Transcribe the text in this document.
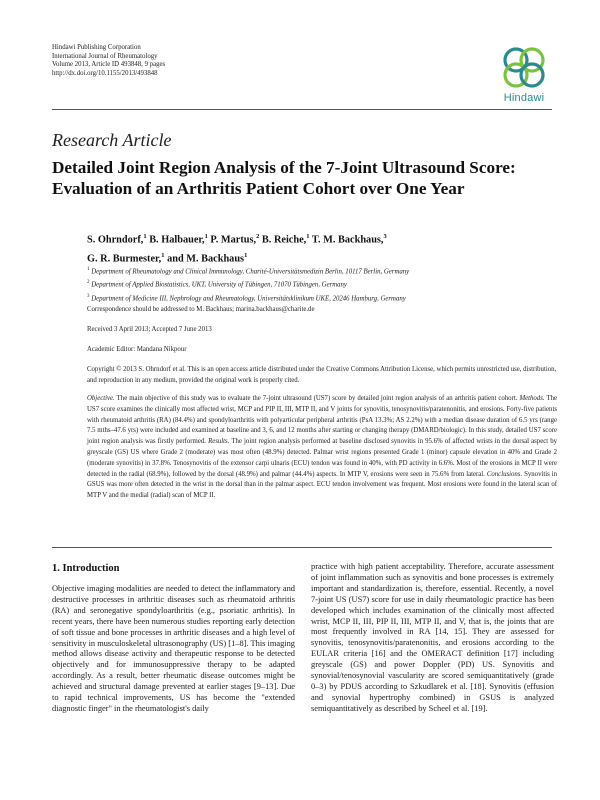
Hindawi Publishing Corporation
International Journal of Rheumatology
Volume 2013, Article ID 493848, 9 pages
http://dx.doi.org/10.1155/2013/493848
Hindawi
Research Article
Detailed Joint Region Analysis of the 7-Joint Ultrasound Score:
Evaluation of an Arthritis Patient Cohort over One Year
S. Ohrndorf,$^1$ B. Halbauer,$^1$ P. Martus,$^2$ B. Reiche,$^1$ T. M. Backhaus,$^3$
G. R. Burmester,$^1$ and M. Backhaus$^1$
$^1$ Department of Rheumatology and Clinical Immunology, Charité-Universitätsmedizin Berlin, 10117 Berlin, Germany
$^2$ Department of Applied Biostatistics, UKT, University of Tübingen, 71070 Tübingen, Germany
$^3$ Department of Medicine III, Nephrology and Rheumatology, Universitätsklinikum UKE, 20246 Hamburg, Germany
Correspondence should be addressed to M. Backhaus; marina.backhaus@charite.de
Received 3 April 2013; Accepted 7 June 2013
Academic Editor: Mandana Nikpour
Copyright © 2013 S. Ohrndorf et al. This is an open access article distributed under the Creative Commons Attribution License, which permits unrestricted use, distribution, and reproduction in any medium, provided the original work is properly cited.
Objective. The main objective of this study was to evaluate the 7-joint ultrasound (US7) score by detailed joint region analysis of an arthritis patient cohort. Methods. The US7 score examines the clinically most affected wrist, MCP and PIP II, III, MTP II, and V joints for synovitis, tenosynovitis/paratenonitis, and erosions. Forty-five patients with rheumatoid arthritis (RA) (84.4%) and spondyloarthritis with polyarticular peripheral arthritis (PsA 13.3%; AS 2.2%) with a median disease duration of 6.5 yrs (range 7.5 mths–47.6 yrs) were included and examined at baseline and 3, 6, and 12 months after starting or changing therapy (DMARD/biologic). In this study, detailed US7 score joint region analysis was firstly performed. Results. The joint region analysis performed at baseline disclosed synovitis in 95.6% of affected wrists in the dorsal aspect by greyscale (GS) US where Grade 2 (moderate) was most often (48.9%) detected. Palmar wrist regions presented Grade 1 (minor) capsule elevation in 40% and Grade 2 (moderate synovitis) in 37.8%. Tenosynovitis of the extensor carpi ulnaris (ECU) tendon was found in 40%, with PD activity in 6.6%. Most of the erosions in MCP II were detected in the radial (68.9%), followed by the dorsal (48.9%) and palmar (44.4%) aspects. In MTP V, erosions were seen in 75.6% from lateral. Conclusions. Synovitis in GSUS was more often detected in the wrist in the dorsal than in the palmar aspect. ECU tendon involvement was frequent. Most erosions were found in the lateral scan of MTP V and the medial (radial) scan of MCP II.
1. Introduction
Objective imaging modalities are needed to detect the inflammatory and destructive processes in arthritic diseases such as rheumatoid arthritis (RA) and seronegative spondyloarthritis (e.g., psoriatic arthritis). In recent years, there have been numerous studies reporting early detection of soft tissue and bone processes in arthritic diseases and a high level of sensitivity in musculoskeletal ultrasonography (US) [1–8]. This imaging method allows disease activity and therapeutic response to be detected objectively and for immunosuppressive therapy to be adapted accordingly. As a result, better rheumatic disease outcomes might be achieved and structural damage prevented at earlier stages [9–13]. Due to rapid technical improvements, US has become the "extended diagnostic finger" in the rheumatologist's daily
practice with high patient acceptability. Therefore, accurate assessment of joint inflammation such as synovitis and bone processes is extremely important and standardization is, therefore, essential. Recently, a novel 7-joint US (US7) score for use in daily rheumatologic practice has been developed which includes examination of the clinically most affected wrist, MCP II, III, PIP II, III, MTP II, and V, that is, the joints that are most frequently involved in RA [14, 15]. They are assessed for synovitis, tenosynovitis/paratenonitis, and erosions according to the EULAR criteria [16] and the OMERACT definition [17] including greyscale (GS) and power Doppler (PD) US. Synovitis and synovial/tenosynovial vascularity are scored semiquantitatively (grade 0–3) by PDUS according to Szkudlarek et al. [18]. Synovitis (effusion and synovial hypertrophy combined) in GSUS is analyzed semiquantitatively as described by Scheel et al. [19].
